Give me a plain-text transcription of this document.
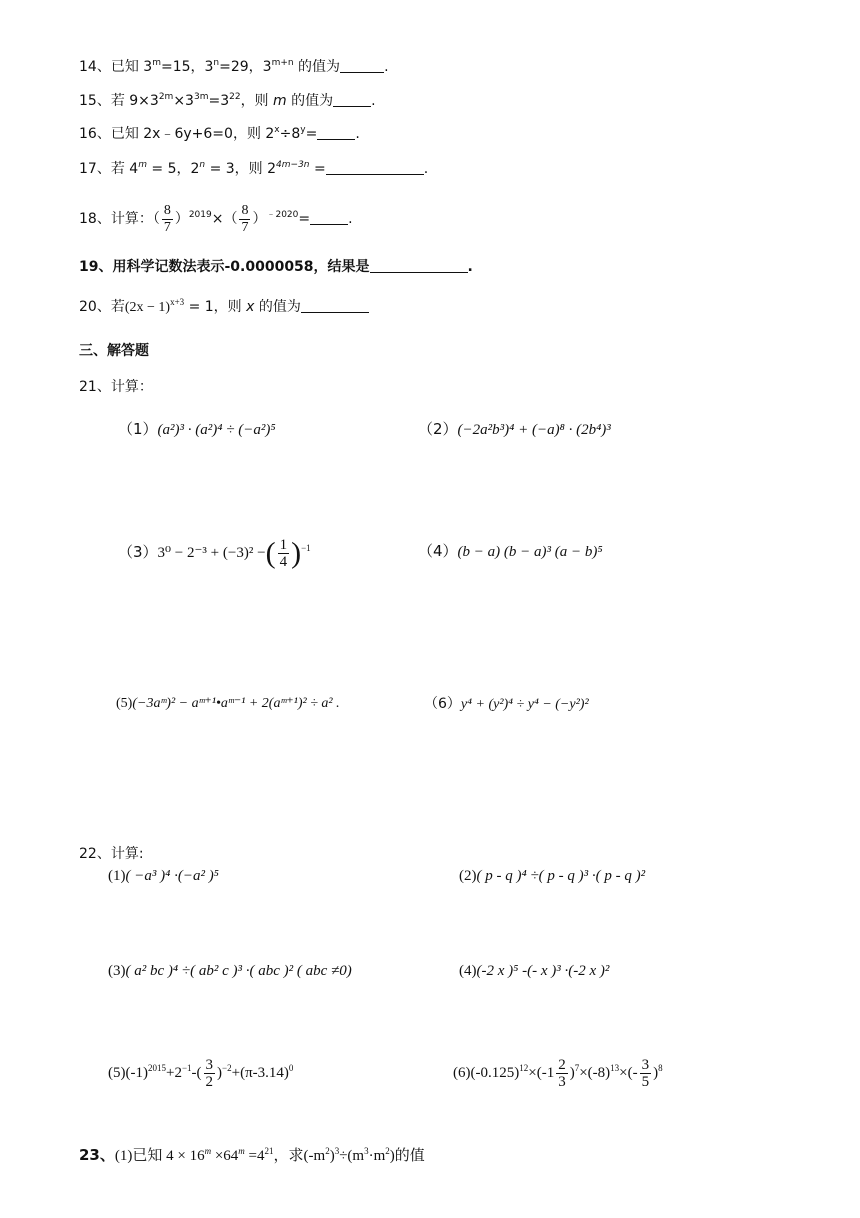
14、已知 $3^m=15$，$3^n=29$，$3^{m+n}$ 的值为	.
15、若 $9\times 3^{2m}\times 3^{3m}=3^{22}$，则 m 的值为	.
16、已知 2x﹣6y+6=0，则 $2^x\div 8^y=$	.
17、若 $4^m = 5$，$2^n = 3$，则 $2^{4m-3n}$ =	.
18、计算：（ $\frac{8}{7} )^{2019}\times( \frac{8}{7} )^{﹣2020}=$	.
19、用科学记数法表示-0.0000058，结果是	.
20、若$(2x - 1)^{x+3} = 1$，则 x 的值为
三、解答题
21、计算：
（1）(a²)³ · (a²)⁴ ÷ (−a²)⁵	（2）(−2a²b³)⁴ + (−a)⁸ · (2b⁴)³
（3）3⁰ − 2⁻³ + (−3)² −( $\frac{1}{4} )^{-1}$	（4）(b − a) (b − a)³ (a − b)⁵
(5)(−3aᵐ)² − aᵐ⁺¹•aᵐ⁻¹ + 2(aᵐ⁺¹)² ÷ a² .	（6）y⁴ + (y²)⁴ ÷ y⁴ − (−y²)²
22、计算:
(1)( −a³ )⁴ ·(−a² )⁵	(2)( p - q )⁴ ÷( p - q )³ ·( p - q )²
(3)( a² bc )⁴ ÷( ab² c )³ ·( abc )² ( abc ≠0)	(4)(-2 x )⁵ -(- x )³ ·(-2 x )²
$(5)(-1)^{2015}+2^{-1}-( \frac{3}{2} )^{-2}+(\pi-3.14)^0$	$(6)(-0.125)^{12}\times(-1 \frac{2}{3} )^7\times(-8)^{13}\times(- \frac{3}{5} )^8$
23、(1)已知 $4 \times 16^m \times 64^m =4^{21}$，求$(-m^2)^3\div(m^3\cdot m^2)$的值
